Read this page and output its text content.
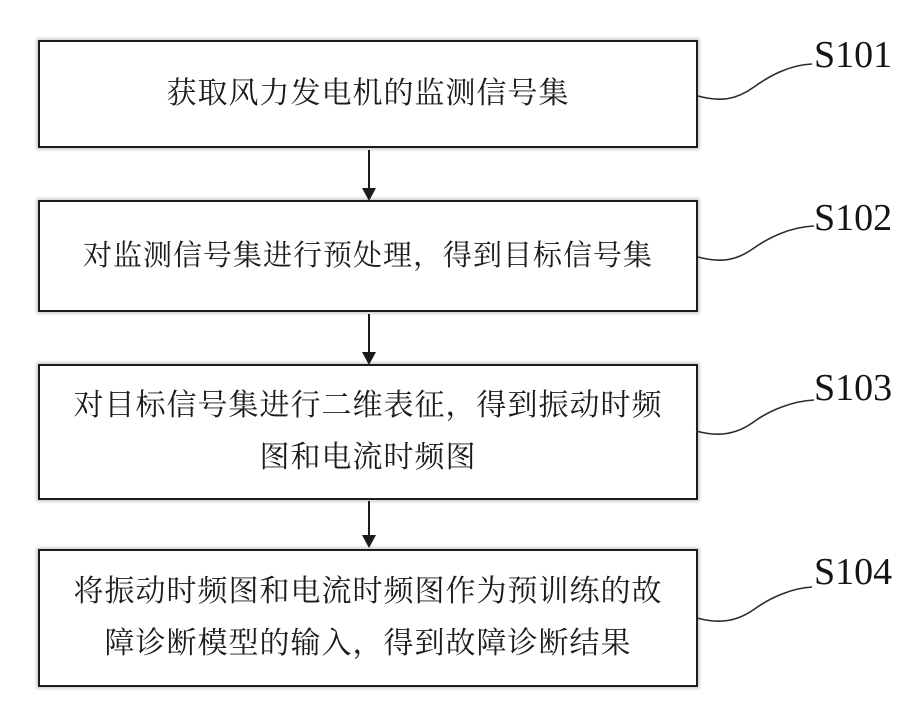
获取风力发电机的监测信号集
对监测信号集进行预处理，得到目标信号集
对目标信号集进行二维表征，得到振动时频图和电流时频图
将振动时频图和电流时频图作为预训练的故障诊断模型的输入，得到故障诊断结果
S101
S102
S103
S104
